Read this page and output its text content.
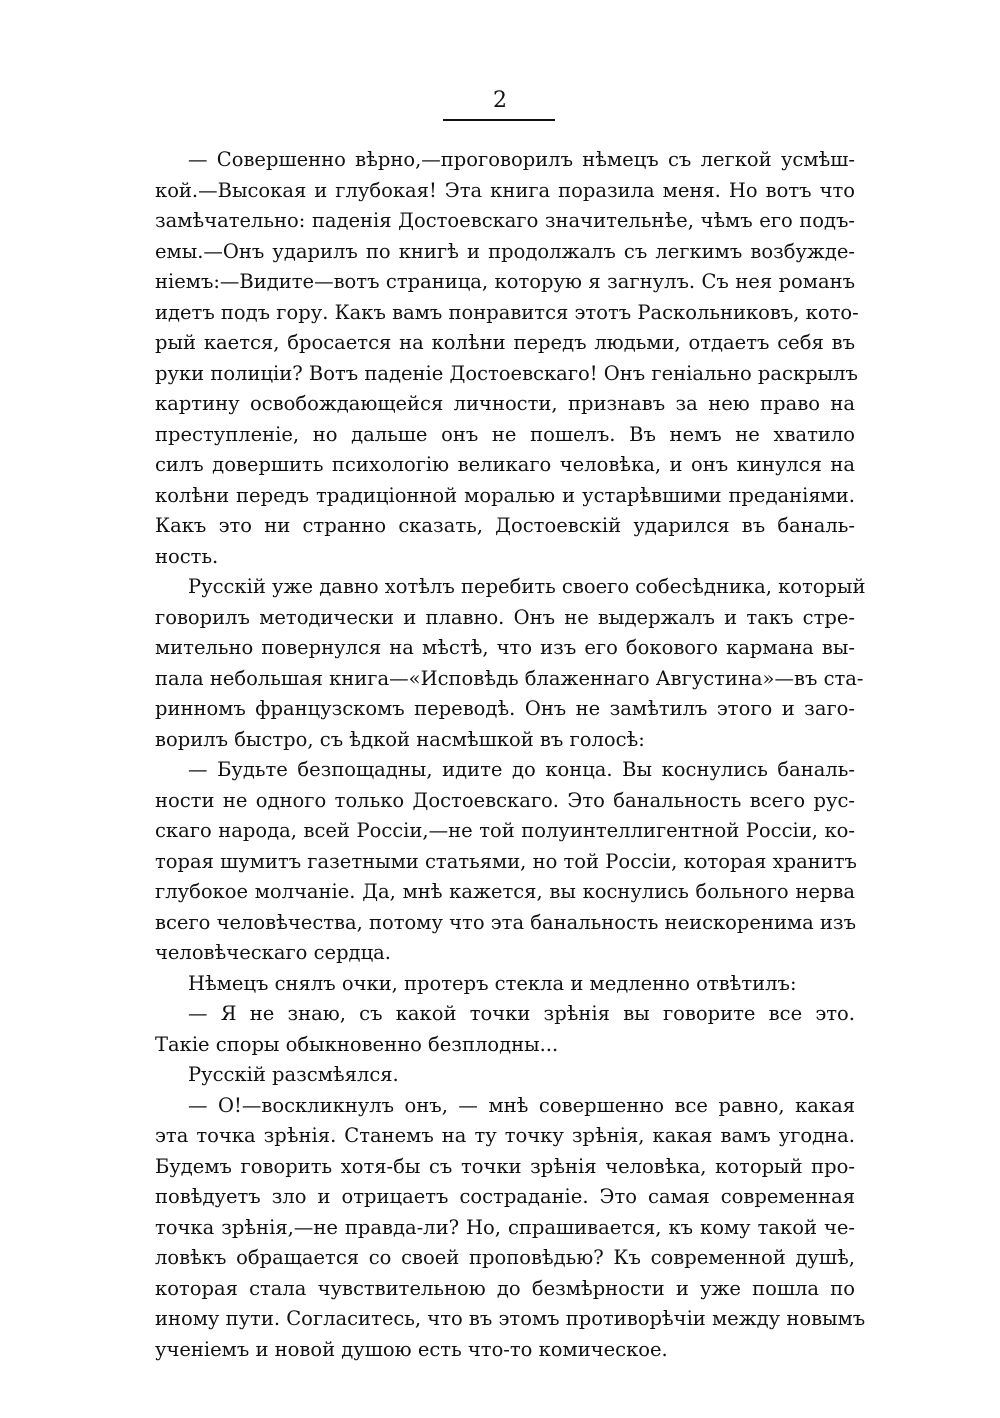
2
— Совершенно вѣрно,—проговорилъ нѣмецъ съ легкой усмѣш-
кой.—Высокая и глубокая! Эта книга поразила меня. Но вотъ что
замѣчательно: паденія Достоевскаго значительнѣе, чѣмъ его подъ-
емы.—Онъ ударилъ по книгѣ и продолжалъ съ легкимъ возбужде-
ніемъ:—Видите—вотъ страница, которую я загнулъ. Съ нея романъ
идетъ подъ гору. Какъ вамъ понравится этотъ Раскольниковъ, кото-
рый кается, бросается на колѣни передъ людьми, отдаетъ себя въ
руки полиціи? Вотъ паденіе Достоевскаго! Онъ геніально раскрылъ
картину освобождающейся личности, признавъ за нею право на
преступленіе, но дальше онъ не пошелъ. Въ немъ не хватило
силъ довершить психологію великаго человѣка, и онъ кинулся на
колѣни передъ традиціонной моралью и устарѣвшими преданіями.
Какъ это ни странно сказать, Достоевскій ударился въ баналь-
ность.
Русскій уже давно хотѣлъ перебить своего собесѣдника, который
говорилъ методически и плавно. Онъ не выдержалъ и такъ стре-
мительно повернулся на мѣстѣ, что изъ его бокового кармана вы-
пала небольшая книга—«Исповѣдь блаженнаго Августина»—въ ста-
ринномъ французскомъ переводѣ. Онъ не замѣтилъ этого и заго-
ворилъ быстро, съ ѣдкой насмѣшкой въ голосѣ:
— Будьте безпощадны, идите до конца. Вы коснулись баналь-
ности не одного только Достоевскаго. Это банальность всего рус-
скаго народа, всей Россіи,—не той полуинтеллигентной Россіи, ко-
торая шумитъ газетными статьями, но той Россіи, которая хранитъ
глубокое молчаніе. Да, мнѣ кажется, вы коснулись больного нерва
всего человѣчества, потому что эта банальность неискоренима изъ
человѣческаго сердца.
Нѣмецъ снялъ очки, протеръ стекла и медленно отвѣтилъ:
— Я не знаю, съ какой точки зрѣнія вы говорите все это.
Такіе споры обыкновенно безплодны...
Русскій разсмѣялся.
— О!—воскликнулъ онъ, — мнѣ совершенно все равно, какая
эта точка зрѣнія. Станемъ на ту точку зрѣнія, какая вамъ угодна.
Будемъ говорить хотя-бы съ точки зрѣнія человѣка, который про-
повѣдуетъ зло и отрицаетъ состраданіе. Это самая современная
точка зрѣнія,—не правда-ли? Но, спрашивается, къ кому такой че-
ловѣкъ обращается со своей проповѣдью? Къ современной душѣ,
которая стала чувствительною до безмѣрности и уже пошла по
иному пути. Согласитесь, что въ этомъ противорѣчіи между новымъ
ученіемъ и новой душою есть что-то комическое.
